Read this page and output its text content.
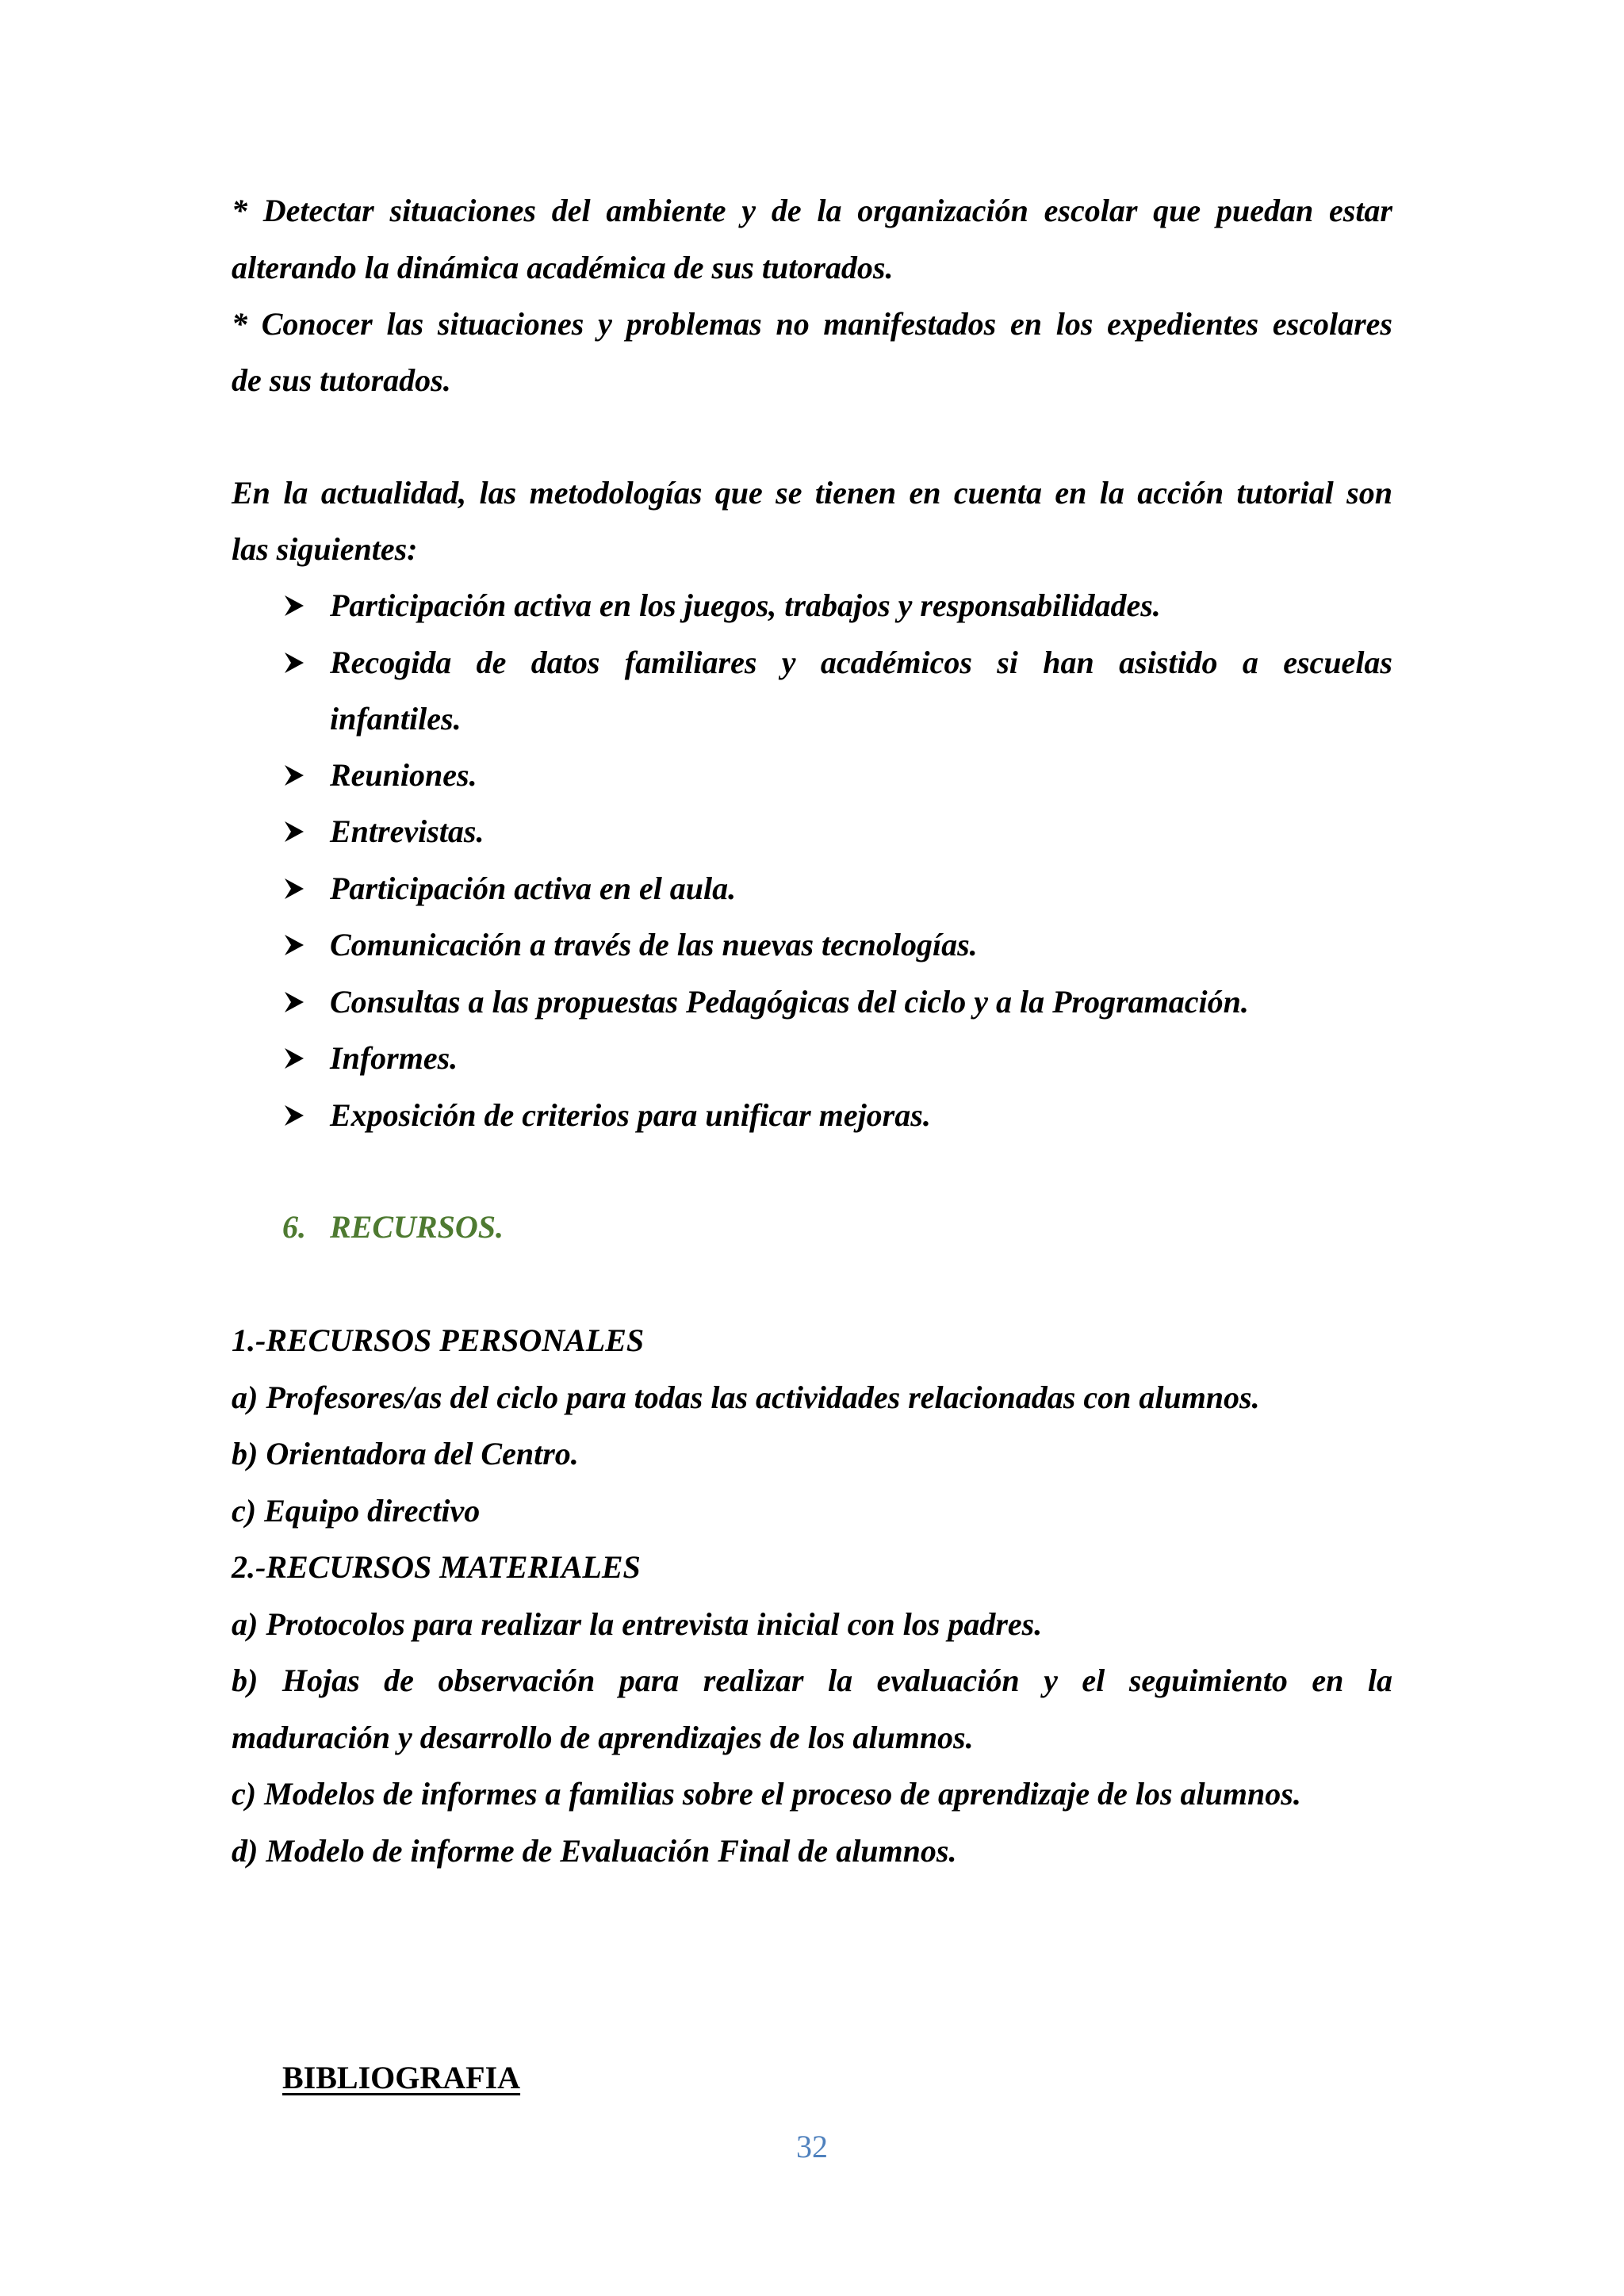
* Detectar situaciones del ambiente y de la organización escolar que puedan estar
alterando la dinámica académica de sus tutorados.
* Conocer las situaciones y problemas no manifestados en los expedientes escolares
de sus tutorados.
En la actualidad, las metodologías que se tienen en cuenta en la acción tutorial son
las siguientes:
Participación activa en los juegos, trabajos y responsabilidades.
Recogida de datos familiares y académicos si han asistido a escuelas
infantiles.
Reuniones.
Entrevistas.
Participación activa en el aula.
Comunicación a través de las nuevas tecnologías.
Consultas a las propuestas Pedagógicas del ciclo y a la Programación.
Informes.
Exposición de criterios para unificar mejoras.
6. RECURSOS.
1.-RECURSOS PERSONALES
a) Profesores/as del ciclo para todas las actividades relacionadas con alumnos.
b) Orientadora del Centro.
c) Equipo directivo
2.-RECURSOS MATERIALES
a) Protocolos para realizar la entrevista inicial con los padres.
b) Hojas de observación para realizar la evaluación y el seguimiento en la
maduración y desarrollo de aprendizajes de los alumnos.
c) Modelos de informes a familias sobre el proceso de aprendizaje de los alumnos.
d) Modelo de informe de Evaluación Final de alumnos.
BIBLIOGRAFIA
32
